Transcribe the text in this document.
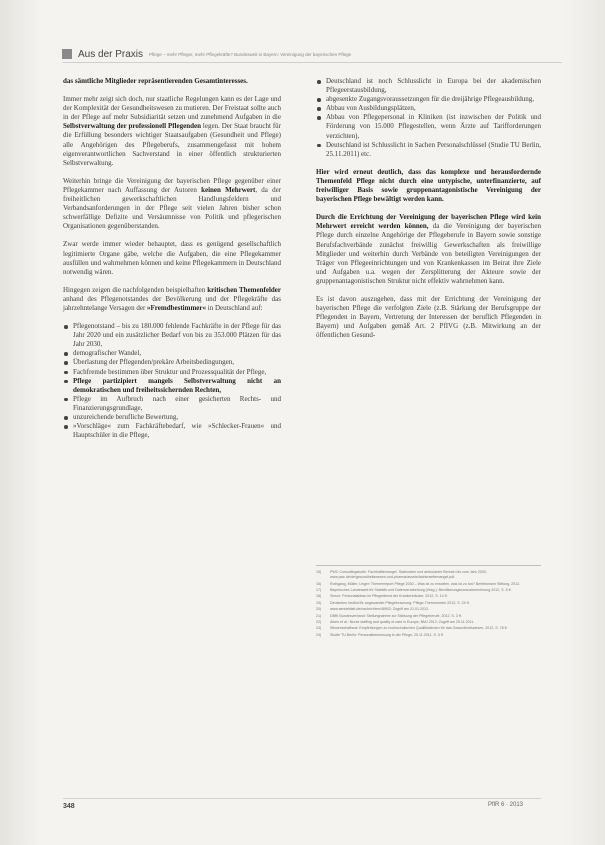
Aus der Praxis Pflege – mehr Pfleger, mehr Pflegekräfte? Bundesweit in Bayern: Vereinigung der bayerischen Pflege

das sämtliche Mitglieder repräsentierenden Gesamtinteresses.

Immer mehr zeigt sich doch, nur staatliche Regelungen kann es der Lage und der Komplexität der Gesundheitswesen zu mutieren. Der Freistaat sollte auch in der Pflege auf mehr Subsidiarität setzen und zunehmend Aufgaben in die Selbstverwaltung der professionell Pflegenden legen. Der Staat braucht für die Erfüllung besonders wichtiger Staatsaufgaben (Gesundheit und Pflege) alle Angehörigen des Pflegeberufs, zusammengefasst mit hohem eigenverantwortlichen Sachverstand in einer öffentlich strukturierten Selbstverwaltung.

Weiterhin bringe die Vereinigung der bayerischen Pflege gegenüber einer Pflegekammer nach Auffassung der Autoren keinen Mehrwert, da der freiheitlichen gewerkschaftlichen Handlungsfeldern und Verbandsanforderungen in der Pflege seit vielen Jahren bisher schon schwerfällige Defizite und Versäumnisse von Politik und pflegerischen Organisationen gegenüberstanden.

Zwar werde immer wieder behauptet, dass es genügend gesellschaftlich legitimierte Organe gäbe, welche die Aufgaben, die eine Pflegekammer ausfüllen und wahrnehmen können und keine Pflegekammern in Deutschland notwendig wären.

Hingegen zeigen die nachfolgenden beispielhaften kritischen Themenfelder anhand des Pflegenotstandes der Bevölkerung und der Pflegekräfte das jahrzehntelange Versagen der »Fremdbestimmer« in Deutschland auf:

Pflegenotstand – bis zu 180.000 fehlende Fachkräfte in der Pflege für das Jahr 2020 und ein zusätzlicher Bedarf von bis zu 353.000 Plätzen für das Jahr 2030,
demografischer Wandel,
Überlastung der Pflegenden/prekäre Arbeitsbedingungen,
Fachfremde bestimmen über Struktur und Prozessqualität der Pflege,
Pflege partizipiert mangels Selbstverwaltung nicht an demokratischen und freiheitssichernden Rechten,
Pflege im Aufbruch nach einer gesicherten Rechts- und Finanzierungsgrundlage,
unzureichende berufliche Bewertung,
»Vorschläge« zum Fachkräftebedarf, wie »Schlecker-Frauen« und Hauptschüler in die Pflege,
Deutschland ist noch Schlusslicht in Europa bei der akademischen Pflegeerstausbildung,
abgesenkte Zugangsvoraussetzungen für die dreijährige Pflegeausbildung,
Abbau von Ausbildungsplätzen,
Abbau von Pflegepersonal in Kliniken (ist inzwischen der Politik und Förderung von 15.000 Pflegestellen, wenn Ärzte auf Tarifforderungen verzichten),
Deutschland ist Schlusslicht in Sachen Personalschlüssel (Studie TU Berlin, 25.11.2011) etc.

Hier wird erneut deutlich, dass das komplexe und herausfordernde Themenfeld Pflege nicht durch eine untypische, unterfinanzierte, auf freiwilliger Basis sowie gruppenantagonistische Vereinigung der bayerischen Pflege bewältigt werden kann.

Durch die Errichtung der Vereinigung der bayerischen Pflege wird kein Mehrwert erreicht werden können, da die Vereinigung der bayerischen Pflege durch einzelne Angehörige der Pflegeberufe in Bayern sowie sonstige Berufsfachverbände zunächst freiwillig Gewerkschaften als freiwillige Mitglieder und weiterhin durch Verbände von beteiligten Vereinigungen der Träger von Pflegeeinrichtungen und von Krankenkassen im Beirat ihre Ziele und Aufgaben u.a. wegen der Zersplitterung der Akteure sowie der gruppenantagonistischen Struktur nicht effektiv wahrnehmen kann.

Es ist davon auszugehen, dass mit der Errichtung der Vereinigung der bayerischen Pflege die verfolgten Ziele (z.B. Stärkung der Berufsgruppe der Pflegenden in Bayern, Vertretung der Interessen der beruflich Pflegenden in Bayern) und Aufgaben gemäß Art. 2 PfIVG (z.B. Mitwirkung an der öffentlichen Gesund-

15)	PWC Consultingstudie: Fachkräftemangel. Stationärer und ambulanter Bereich bis zum Jahr 2030; www.pwc.de/de/gesundheitswesen-und-pharma/assets/fachkraeftemangel.pdf.
16)	Rothgang, Müller, Unger: Themenreport Pflege 2030 – Was ist zu erwarten, was ist zu tun? Bertelsmann Stiftung, 2012.
17)	Bayerisches Landesamt für Statistik und Datenverarbeitung (Hrsg.): Bevölkerungsvorausberechnung 2012, S. 5 ff.
18)	Simon: Personalabbau im Pflegedienst der Krankenhäuser, 2012, S. 14 ff.
19)	Deutsches Institut für angewandte Pflegeforschung: Pflege-Thermometer 2012, S. 24 ff.
20)	www.aerzteblatt.de/nachrichten/48902; Zugriff am 21.01.2013.
21)	DBfK Bundesverband: Stellungnahme zur Stärkung der Pflegeberufe, 2012, S. 3 ff.
22)	Aiken et al.: Nurse staffing and quality of care in Europe, BMJ 2012; Zugriff am 25.11.2011.
23)	Wissenschaftsrat: Empfehlungen zu hochschulischen Qualifikationen für das Gesundheitswesen, 2012, S. 78 ff.
24)	Studie TU Berlin: Personalbemessung in der Pflege, 25.11.2011, S. 5 ff.
348	PflR 6 · 2013
